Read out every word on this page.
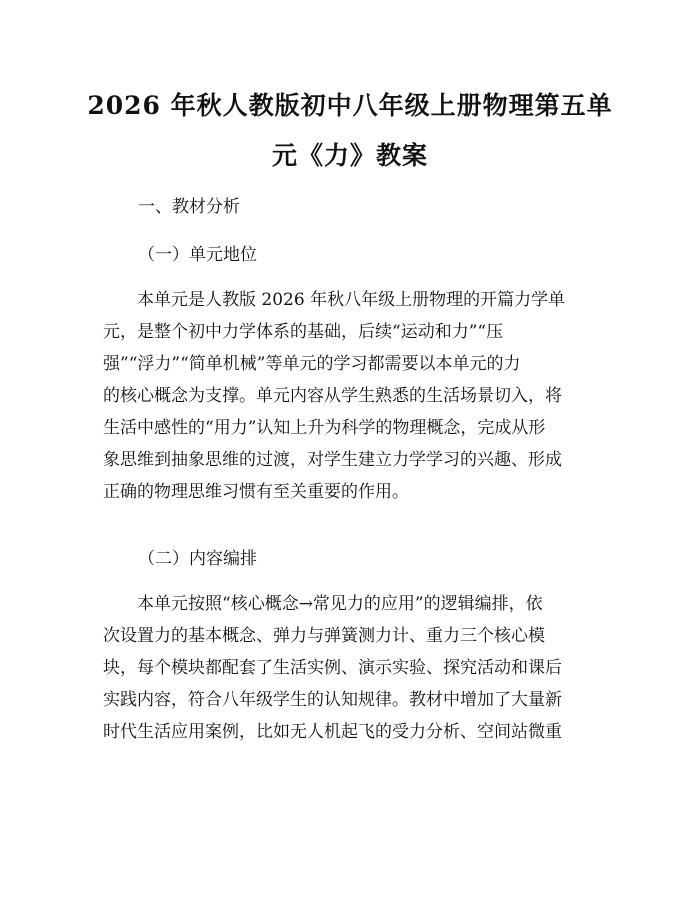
2026 年秋人教版初中八年级上册物理第五单
元《力》教案

一、教材分析

（一）单元地位

　　本单元是人教版 2026 年秋八年级上册物理的开篇力学单
元，是整个初中力学体系的基础，后续“运动和力”“压
强”“浮力”“简单机械”等单元的学习都需要以本单元的力
的核心概念为支撑。单元内容从学生熟悉的生活场景切入，将
生活中感性的“用力”认知上升为科学的物理概念，完成从形
象思维到抽象思维的过渡，对学生建立力学学习的兴趣、形成
正确的物理思维习惯有至关重要的作用。

（二）内容编排

　　本单元按照“核心概念→常见力的应用”的逻辑编排，依
次设置力的基本概念、弹力与弹簧测力计、重力三个核心模
块，每个模块都配套了生活实例、演示实验、探究活动和课后
实践内容，符合八年级学生的认知规律。教材中增加了大量新
时代生活应用案例，比如无人机起飞的受力分析、空间站微重
